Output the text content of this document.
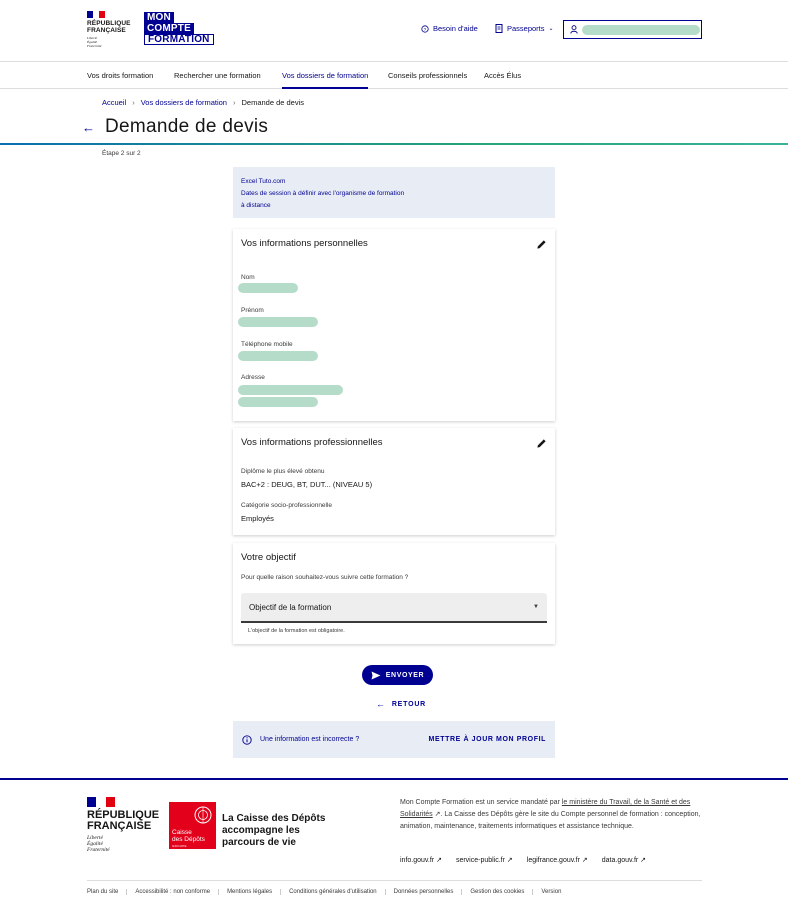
RÉPUBLIQUE
FRANÇAISE
Liberté
Égalité
Fraternité
MON
COMPTE
FORMATION
? Besoin d'aide	Passeports ⌄
Vos droits formation	Rechercher une formation	Vos dossiers de formation	Conseils professionnels Accès Élus
Accueil › Vos dossiers de formation › Demande de devis
← Demande de devis
Étape 2 sur 2
Excel Tuto.com
Dates de session à définir avec l'organisme de formation
à distance
Vos informations personnelles
Nom
Prénom
Téléphone mobile
Adresse
Vos informations professionnelles
Diplôme le plus élevé obtenu
BAC+2 : DEUG, BT, DUT... (NIVEAU 5)
Catégorie socio-professionnelle
Employés
Votre objectif
Pour quelle raison souhaitez-vous suivre cette formation ?
Objectif de la formation	▼
L'objectif de la formation est obligatoire.
ENVOYER
← RETOUR
Une information est incorrecte ?	METTRE À JOUR MON PROFIL
RÉPUBLIQUE
FRANÇAISE
Liberté
Égalité
Fraternité
Caisse
des Dépôts
GROUPE
La Caisse des Dépôts
accompagne les
parcours de vie
Mon Compte Formation est un service mandaté par le ministère du Travail, de la Santé et des Solidarités ↗. La Caisse des Dépôts gère le site du Compte personnel de formation : conception, animation, maintenance, traitements informatiques et assistance technique.
info.gouv.fr ↗	service-public.fr ↗	legifrance.gouv.fr ↗	data.gouv.fr ↗
Plan du site	Accessibilité : non conforme	Mentions légales	Conditions générales d'utilisation	Données personnelles	Gestion des cookies	Version
